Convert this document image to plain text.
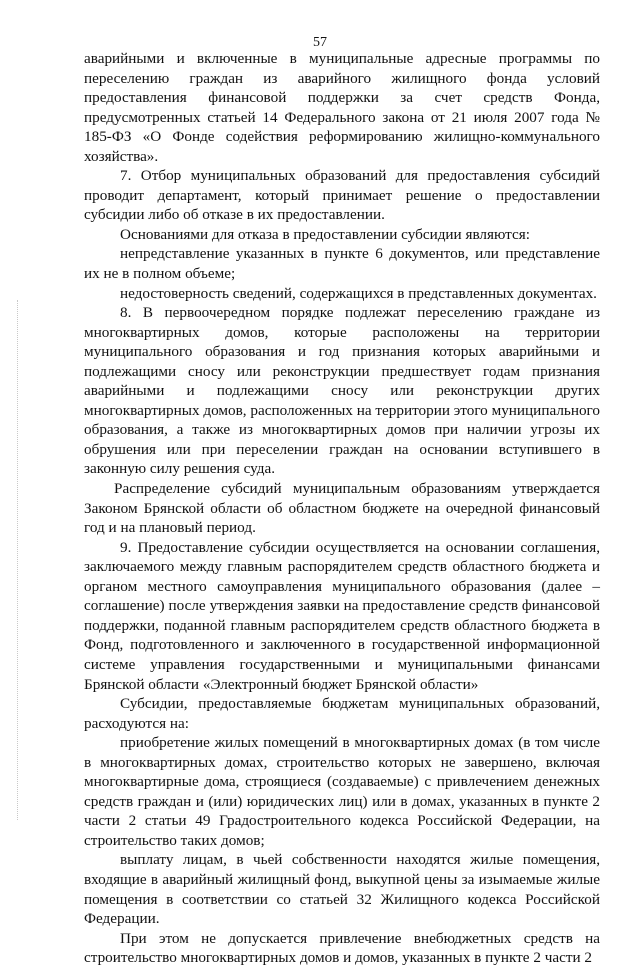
57

аварийными и включенные в муниципальные адресные программы по переселению граждан из аварийного жилищного фонда условий предоставления финансовой поддержки за счет средств Фонда, предусмотренных статьей 14 Федерального закона от 21 июля 2007 года № 185-ФЗ «О Фонде содействия реформированию жилищно-коммунального хозяйства».

7. Отбор муниципальных образований для предоставления субсидий проводит департамент, который принимает решение о предоставлении субсидии либо об отказе в их предоставлении.

Основаниями для отказа в предоставлении субсидии являются:

непредставление указанных в пункте 6 документов, или представление их не в полном объеме;

недостоверность сведений, содержащихся в представленных документах.

8. В первоочередном порядке подлежат переселению граждане из многоквартирных домов, которые расположены на территории муниципального образования и год признания которых аварийными и подлежащими сносу или реконструкции предшествует годам признания аварийными и подлежащими сносу или реконструкции других многоквартирных домов, расположенных на территории этого муниципального образования, а также из многоквартирных домов при наличии угрозы их обрушения или при переселении граждан на основании вступившего в законную силу решения суда.

Распределение субсидий муниципальным образованиям утверждается Законом Брянской области об областном бюджете на очередной финансовый год и на плановый период.

9. Предоставление субсидии осуществляется на основании соглашения, заключаемого между главным распорядителем средств областного бюджета и органом местного самоуправления муниципального образования (далее – соглашение) после утверждения заявки на предоставление средств финансовой поддержки, поданной главным распорядителем средств областного бюджета в Фонд, подготовленного и заключенного в государственной информационной системе управления государственными и муниципальными финансами Брянской области «Электронный бюджет Брянской области»

Субсидии, предоставляемые бюджетам муниципальных образований, расходуются на:

приобретение жилых помещений в многоквартирных домах (в том числе в многоквартирных домах, строительство которых не завершено, включая многоквартирные дома, строящиеся (создаваемые) с привлечением денежных средств граждан и (или) юридических лиц) или в домах, указанных в пункте 2 части 2 статьи 49 Градостроительного кодекса Российской Федерации, на строительство таких домов;

выплату лицам, в чьей собственности находятся жилые помещения, входящие в аварийный жилищный фонд, выкупной цены за изымаемые жилые помещения в соответствии со статьей 32 Жилищного кодекса Российской Федерации.

При этом не допускается привлечение внебюджетных средств на строительство многоквартирных домов и домов, указанных в пункте 2 части 2
